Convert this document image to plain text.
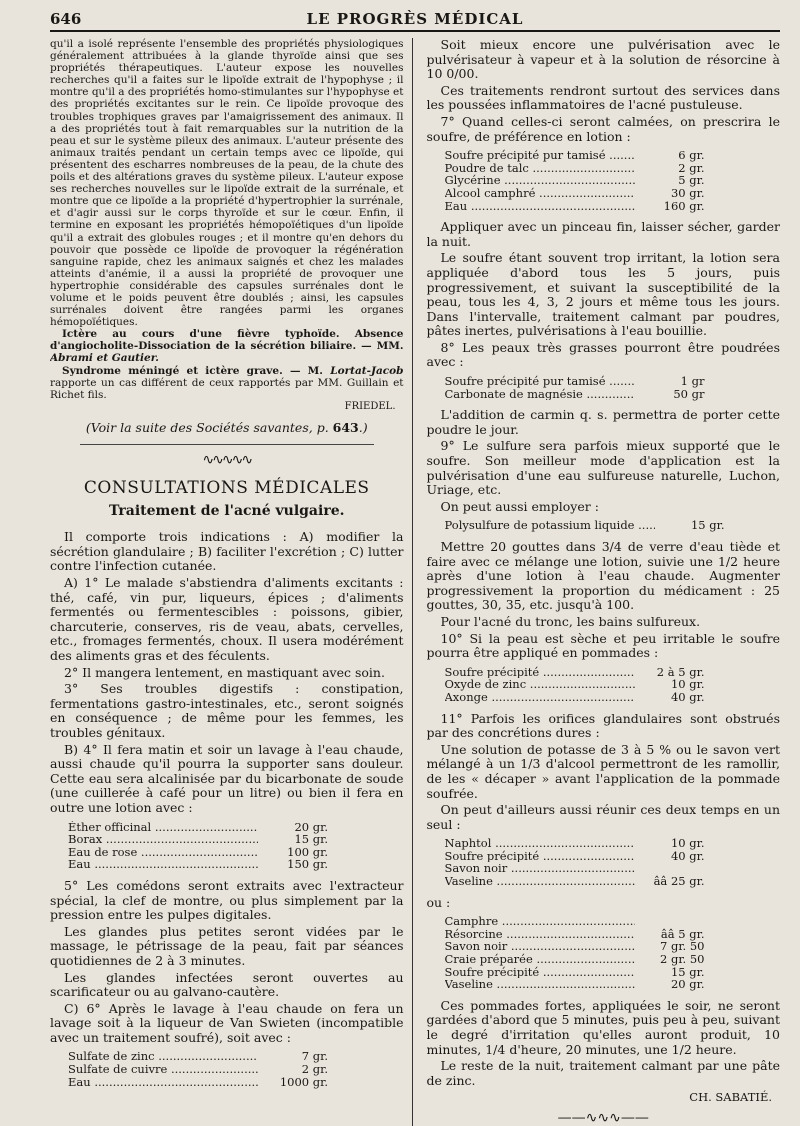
646	LE PROGRÈS MÉDICAL

qu'il a isolé représente l'ensemble des propriétés physiologiques généralement attribuées à la glande thyroïde ainsi que ses propriétés thérapeutiques. L'auteur expose les nouvelles recherches qu'il a faites sur le lipoïde extrait de l'hypophyse ; il montre qu'il a des propriétés homo-stimulantes sur l'hypophyse et des propriétés excitantes sur le rein. Ce lipoïde provoque des troubles trophiques graves par l'amaigrissement des animaux. Il a des propriétés tout à fait remarquables sur la nutrition de la peau et sur le système pileux des animaux. L'auteur présente des animaux traités pendant un certain temps avec ce lipoïde, qui présentent des escharres nombreuses de la peau, de la chute des poils et des altérations graves du système pileux. L'auteur expose ses recherches nouvelles sur le lipoïde extrait de la surrénale, et montre que ce lipoïde a la propriété d'hypertrophier la surrénale, et d'agir aussi sur le corps thyroïde et sur le cœur. Enfin, il termine en exposant les propriétés hémopoïétiques d'un lipoïde qu'il a extrait des globules rouges ; et il montre qu'en dehors du pouvoir que possède ce lipoïde de provoquer la régénération sanguine rapide, chez les animaux saignés et chez les malades atteints d'anémie, il a aussi la propriété de provoquer une hypertrophie considérable des capsules surrénales dont le volume et le poids peuvent être doublés ; ainsi, les capsules surrénales doivent être rangées parmi les organes hémopoïétiques.

Ictère au cours d'une fièvre typhoïde. Absence d'angiocholite-Dissociation de la sécrétion biliaire. — MM. Abrami et Gautier.

Syndrome méningé et ictère grave. — M. Lortat-Jacob rapporte un cas différent de ceux rapportés par MM. Guillain et Richet fils.

FRIEDEL.
(Voir la suite des Sociétés savantes, p. 643.)
∿∿∿∿∿
CONSULTATIONS MÉDICALES
Traitement de l'acné vulgaire.

Il comporte trois indications : A) modifier la sécrétion glandulaire ; B) faciliter l'excrétion ; C) lutter contre l'infection cutanée.

A) 1° Le malade s'abstiendra d'aliments excitants : thé, café, vin pur, liqueurs, épices ; d'aliments fermentés ou fermentescibles : poissons, gibier, charcuterie, conserves, ris de veau, abats, cervelles, etc., fromages fermentés, choux. Il usera modérément des aliments gras et des féculents.

2° Il mangera lentement, en mastiquant avec soin.

3° Ses troubles digestifs : constipation, fermentations gastro-intestinales, etc., seront soignés en conséquence ; de même pour les femmes, les troubles génitaux.

B) 4° Il fera matin et soir un lavage à l'eau chaude, aussi chaude qu'il pourra la supporter sans douleur. Cette eau sera alcalinisée par du bicarbonate de soude (une cuillerée à café pour un litre) ou bien il fera en outre une lotion avec :

Éther officinal .....	20 gr.
Borax .....	15 gr.
Eau de rose .....	100 gr.
Eau .....	150 gr.

5° Les comédons seront extraits avec l'extracteur spécial, la clef de montre, ou plus simplement par la pression entre les pulpes digitales.

Les glandes plus petites seront vidées par le massage, le pétrissage de la peau, fait par séances quotidiennes de 2 à 3 minutes.

Les glandes infectées seront ouvertes au scarificateur ou au galvano-cautère.

C) 6° Après le lavage à l'eau chaude on fera un lavage soit à la liqueur de Van Swieten (incompatible avec un traitement soufré), soit avec :

Sulfate de zinc .....	7 gr.
Sulfate de cuivre .....	2 gr.
Eau .....	1000 gr.

Soit mieux encore une pulvérisation avec le pulvérisateur à vapeur et à la solution de résorcine à 10 0/00.

Ces traitements rendront surtout des services dans les poussées inflammatoires de l'acné pustuleuse.

7° Quand celles-ci seront calmées, on prescrira le soufre, de préférence en lotion :

Soufre précipité pur tamisé .....	6 gr.
Poudre de talc .....	2 gr.
Glycérine .....	5 gr.
Alcool camphré .....	30 gr.
Eau .....	160 gr.

Appliquer avec un pinceau fin, laisser sécher, garder la nuit.

Le soufre étant souvent trop irritant, la lotion sera appliquée d'abord tous les 5 jours, puis progressivement, et suivant la susceptibilité de la peau, tous les 4, 3, 2 jours et même tous les jours. Dans l'intervalle, traitement calmant par poudres, pâtes inertes, pulvérisations à l'eau bouillie.

8° Les peaux très grasses pourront être poudrées avec :

Soufre précipité pur tamisé .....	1 gr
Carbonate de magnésie .....	50 gr

L'addition de carmin q. s. permettra de porter cette poudre le jour.

9° Le sulfure sera parfois mieux supporté que le soufre. Son meilleur mode d'application est la pulvérisation d'une eau sulfureuse naturelle, Luchon, Uriage, etc.

On peut aussi employer :

Polysulfure de potassium liquide .....	15 gr.

Mettre 20 gouttes dans 3/4 de verre d'eau tiède et faire avec ce mélange une lotion, suivie une 1/2 heure après d'une lotion à l'eau chaude. Augmenter progressivement la proportion du médicament : 25 gouttes, 30, 35, etc. jusqu'à 100.

Pour l'acné du tronc, les bains sulfureux.

10° Si la peau est sèche et peu irritable le soufre pourra être appliqué en pommades :

Soufre précipité .....	2 à 5 gr.
Oxyde de zinc .....	10 gr.
Axonge .....	40 gr.

11° Parfois les orifices glandulaires sont obstrués par des concrétions dures :

Une solution de potasse de 3 à 5 % ou le savon vert mélangé à un 1/3 d'alcool permettront de les ramollir, de les « décaper » avant l'application de la pommade soufrée.

On peut d'ailleurs aussi réunir ces deux temps en un seul :

Naphtol .....	10 gr.
Soufre précipité .....	40 gr.
Savon noir .....
Vaseline .....	ââ 25 gr.
ou :
Camphre .....
Résorcine .....	ââ 5 gr.
Savon noir .....	7 gr. 50
Craie préparée .....	2 gr. 50
Soufre précipité .....	15 gr.
Vaseline .....	20 gr.

Ces pommades fortes, appliquées le soir, ne seront gardées d'abord que 5 minutes, puis peu à peu, suivant le degré d'irritation qu'elles auront produit, 10 minutes, 1/4 d'heure, 20 minutes, une 1/2 heure.

Le reste de la nuit, traitement calmant par une pâte de zinc.

CH. SABATIÉ.
——∿∿∿——
